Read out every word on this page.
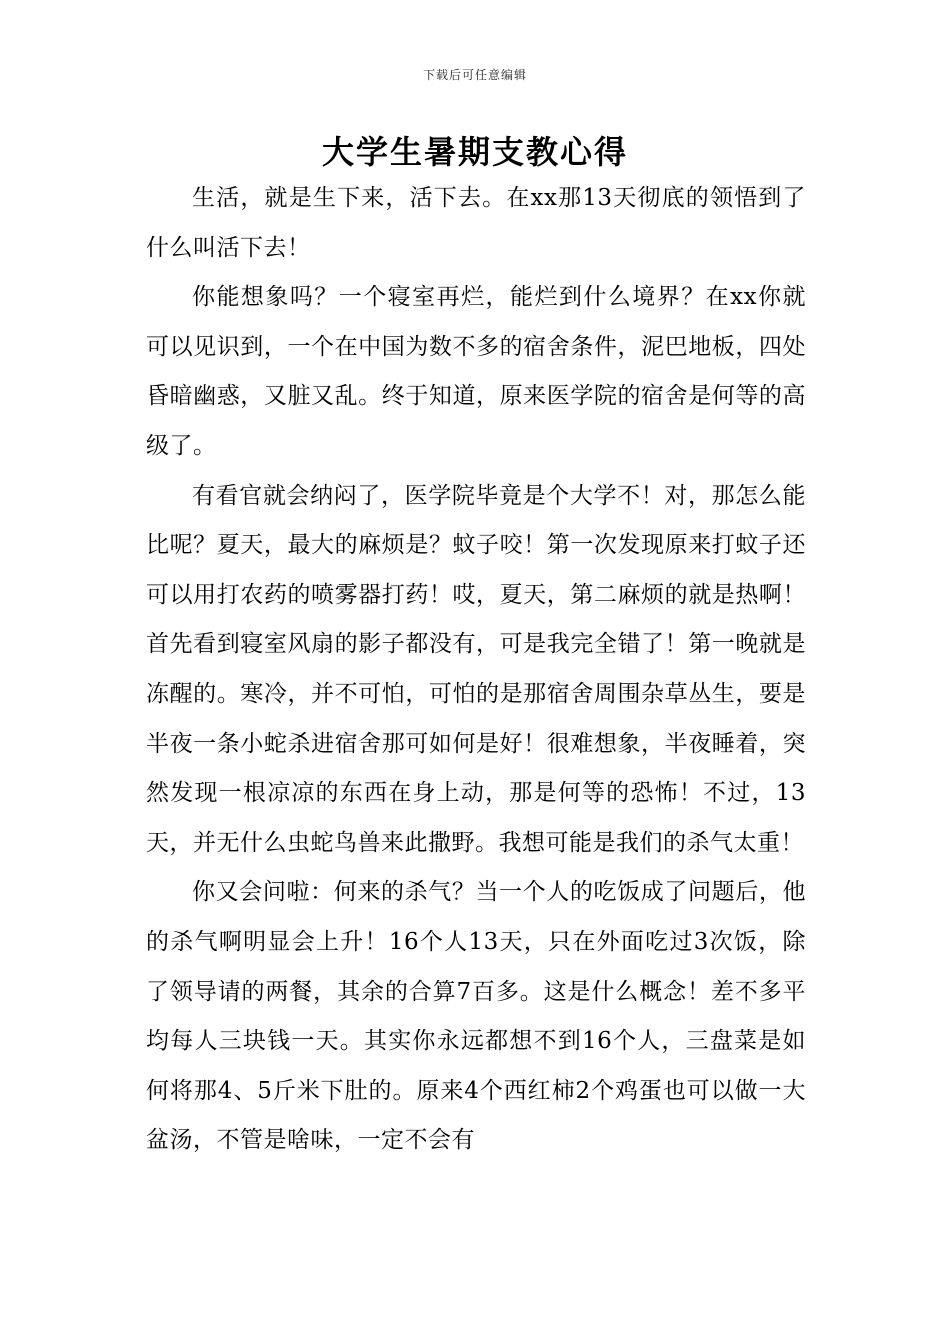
下载后可任意编辑
大学生暑期支教心得

生活，就是生下来，活下去。在xx那13天彻底的领悟到了什么叫活下去！

你能想象吗？一个寝室再烂，能烂到什么境界？在xx你就可以见识到，一个在中国为数不多的宿舍条件，泥巴地板，四处昏暗幽惑，又脏又乱。终于知道，原来医学院的宿舍是何等的高级了。

有看官就会纳闷了，医学院毕竟是个大学不！对，那怎么能比呢？夏天，最大的麻烦是？蚊子咬！第一次发现原来打蚊子还可以用打农药的喷雾器打药！哎，夏天，第二麻烦的就是热啊！首先看到寝室风扇的影子都没有，可是我完全错了！第一晚就是冻醒的。寒冷，并不可怕，可怕的是那宿舍周围杂草丛生，要是半夜一条小蛇杀进宿舍那可如何是好！很难想象，半夜睡着，突然发现一根凉凉的东西在身上动，那是何等的恐怖！不过，13天，并无什么虫蛇鸟兽来此撒野。我想可能是我们的杀气太重！

你又会问啦：何来的杀气？当一个人的吃饭成了问题后，他的杀气啊明显会上升！16个人13天，只在外面吃过3次饭，除了领导请的两餐，其余的合算7百多。这是什么概念！差不多平均每人三块钱一天。其实你永远都想不到16个人，三盘菜是如何将那4、5斤米下肚的。原来4个西红柿2个鸡蛋也可以做一大盆汤，不管是啥味，一定不会有
